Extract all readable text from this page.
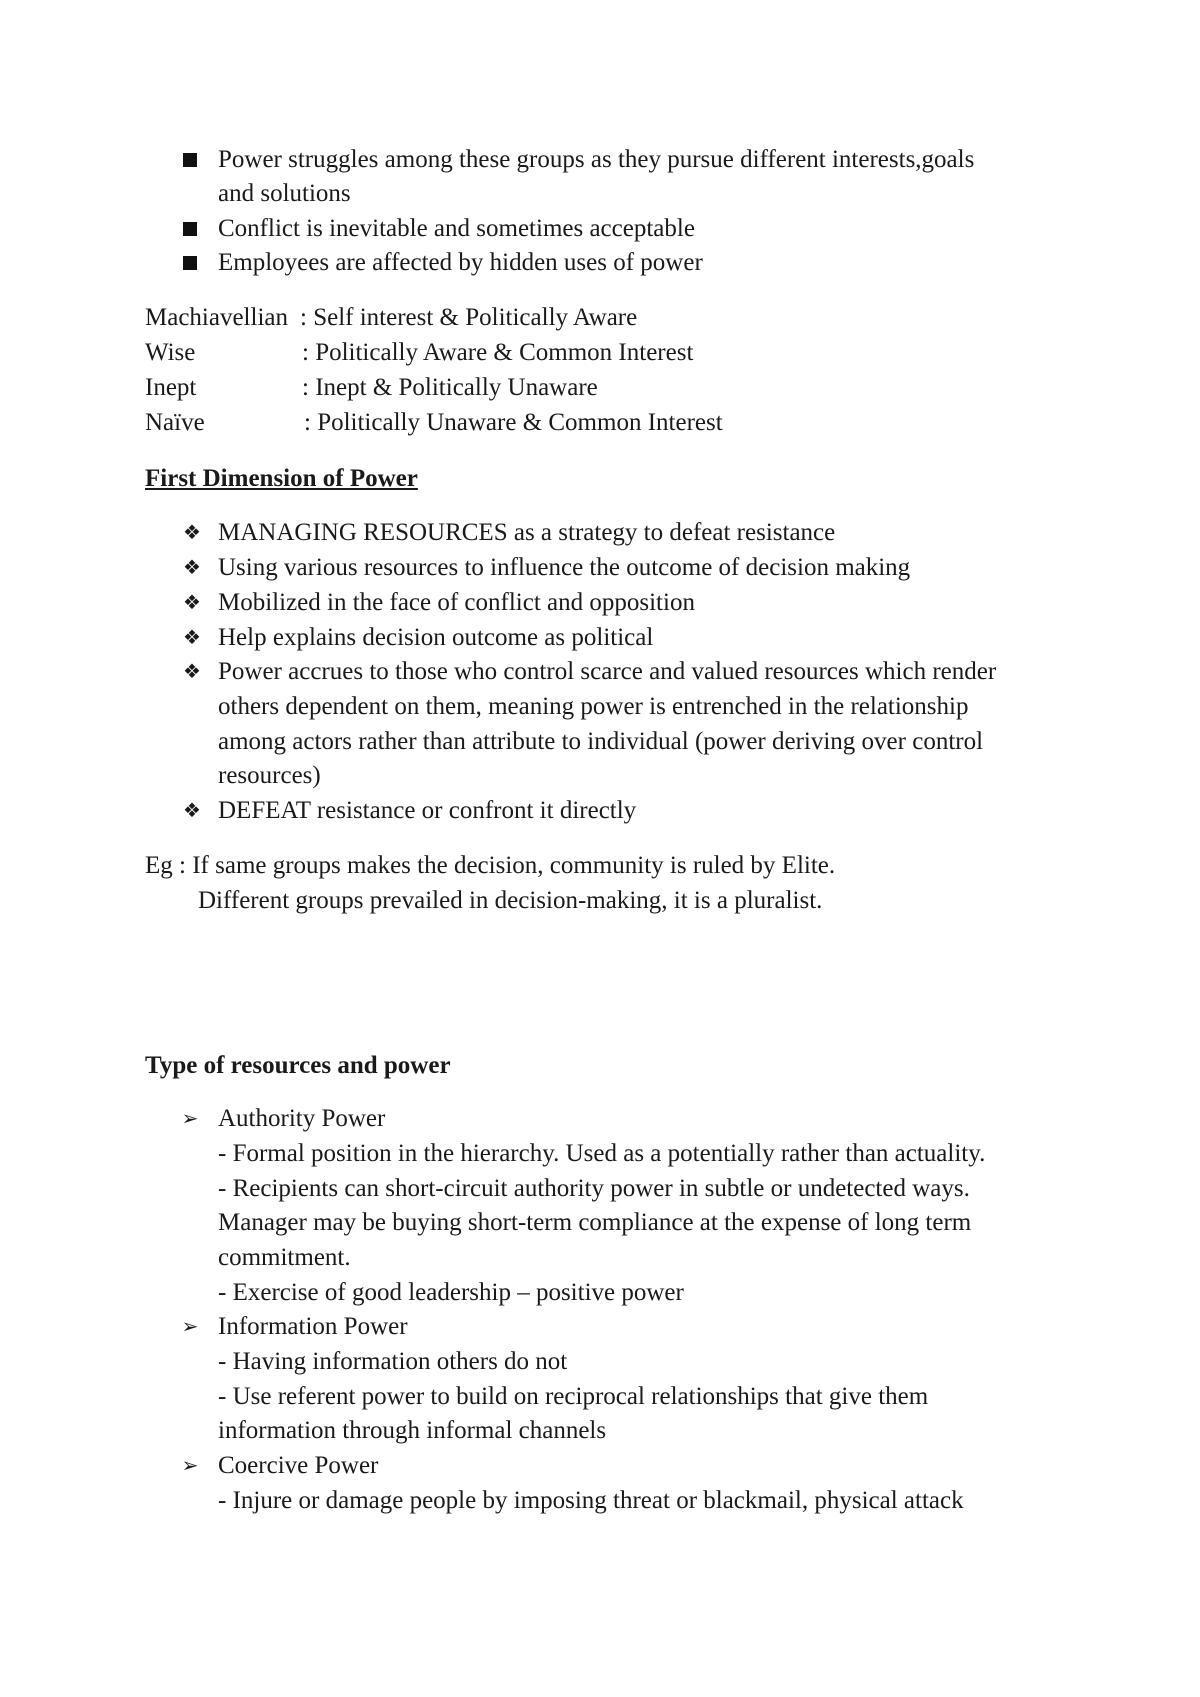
Power struggles among these groups as they pursue different interests,goals
and solutions
Conflict is inevitable and sometimes acceptable
Employees are affected by hidden uses of power
Machiavellian : Self interest & Politically Aware
Wise	: Politically Aware & Common Interest
Inept	: Inept & Politically Unaware
Naïve	: Politically Unaware & Common Interest
First Dimension of Power
❖ MANAGING RESOURCES as a strategy to defeat resistance
❖ Using various resources to influence the outcome of decision making
❖ Mobilized in the face of conflict and opposition
❖ Help explains decision outcome as political
❖ Power accrues to those who control scarce and valued resources which render
others dependent on them, meaning power is entrenched in the relationship
among actors rather than attribute to individual (power deriving over control
resources)
❖ DEFEAT resistance or confront it directly
Eg : If same groups makes the decision, community is ruled by Elite.
Different groups prevailed in decision-making, it is a pluralist.
Type of resources and power
➢ Authority Power
- Formal position in the hierarchy. Used as a potentially rather than actuality.
- Recipients can short-circuit authority power in subtle or undetected ways.
Manager may be buying short-term compliance at the expense of long term
commitment.
- Exercise of good leadership – positive power
➢ Information Power
- Having information others do not
- Use referent power to build on reciprocal relationships that give them
information through informal channels
➢ Coercive Power
- Injure or damage people by imposing threat or blackmail, physical attack
